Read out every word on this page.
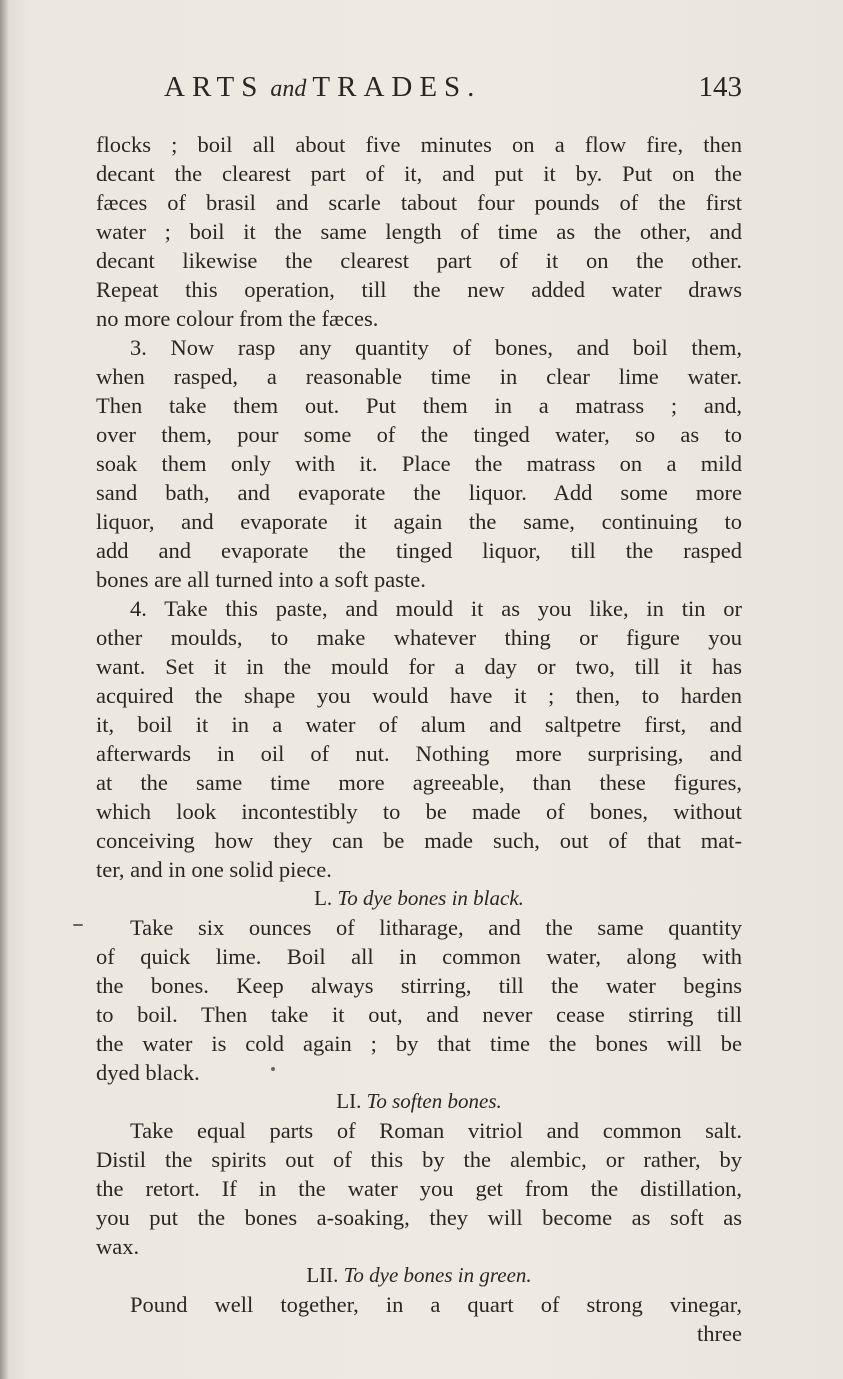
ARTS and TRADES.	143
flocks ; boil all about five minutes on a flow fire, then
decant the clearest part of it, and put it by. Put on the
fæces of brasil and scarle tabout four pounds of the first
water ; boil it the same length of time as the other, and
decant likewise the clearest part of it on the other.
Repeat this operation, till the new added water draws
no more colour from the fæces.
3. Now rasp any quantity of bones, and boil them,
when rasped, a reasonable time in clear lime water.
Then take them out. Put them in a matrass ; and,
over them, pour some of the tinged water, so as to
soak them only with it. Place the matrass on a mild
sand bath, and evaporate the liquor. Add some more
liquor, and evaporate it again the same, continuing to
add and evaporate the tinged liquor, till the rasped
bones are all turned into a soft paste.
4. Take this paste, and mould it as you like, in tin or
other moulds, to make whatever thing or figure you
want. Set it in the mould for a day or two, till it has
acquired the shape you would have it ; then, to harden
it, boil it in a water of alum and saltpetre first, and
afterwards in oil of nut. Nothing more surprising, and
at the same time more agreeable, than these figures,
which look incontestibly to be made of bones, without
conceiving how they can be made such, out of that mat-
ter, and in one solid piece.
L. To dye bones in black.
Take six ounces of litharage, and the same quantity
of quick lime. Boil all in common water, along with
the bones. Keep always stirring, till the water begins
to boil. Then take it out, and never cease stirring till
the water is cold again ; by that time the bones will be
dyed black.
LI. To soften bones.
Take equal parts of Roman vitriol and common salt.
Distil the spirits out of this by the alembic, or rather, by
the retort. If in the water you get from the distillation,
you put the bones a-soaking, they will become as soft as
wax.
LII. To dye bones in green.
Pound well together, in a quart of strong vinegar,
three
